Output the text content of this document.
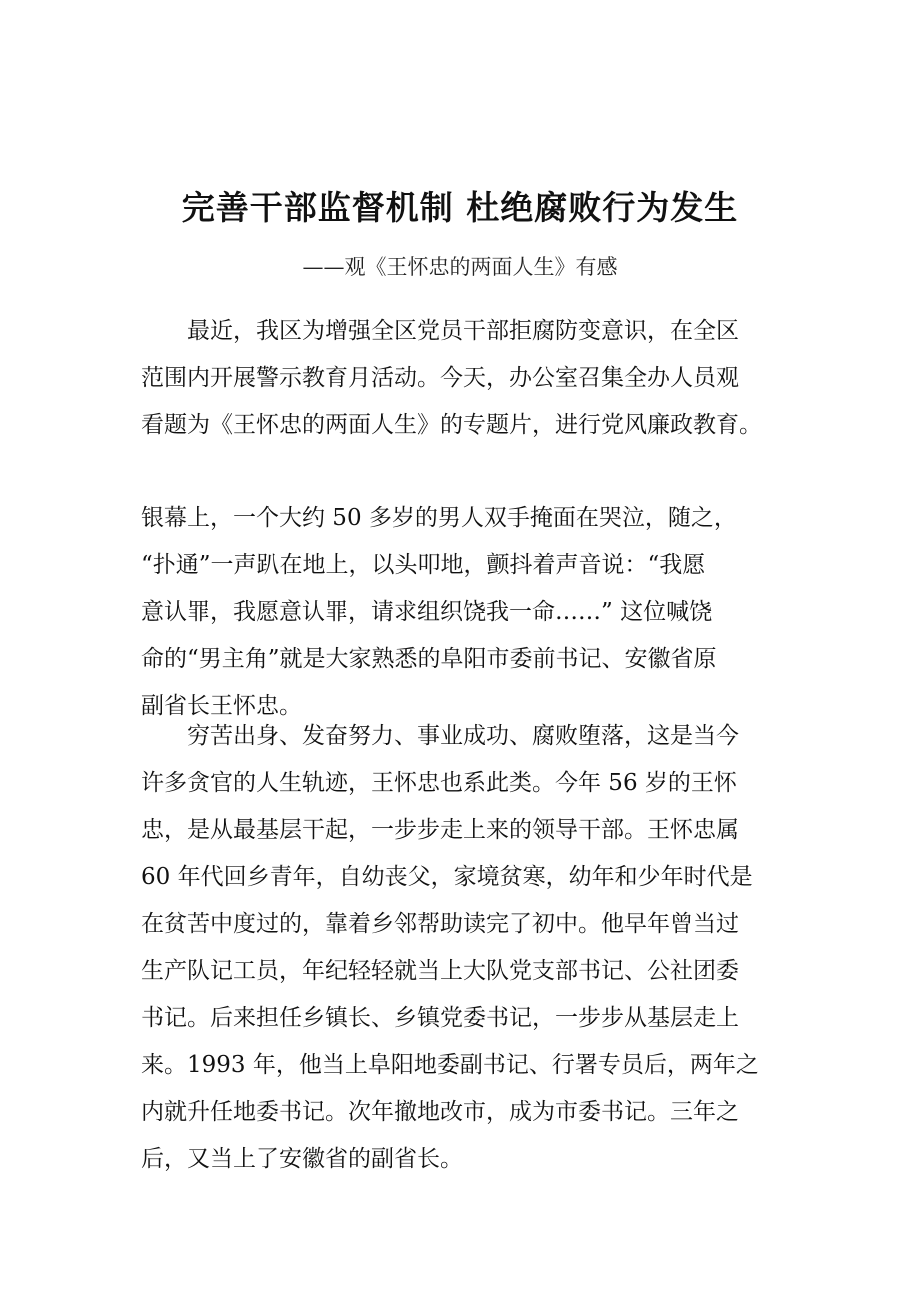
完善干部监督机制 杜绝腐败行为发生
——观《王怀忠的两面人生》有感
　　最近，我区为增强全区党员干部拒腐防变意识，在全区
范围内开展警示教育月活动。今天，办公室召集全办人员观
看题为《王怀忠的两面人生》的专题片，进行党风廉政教育。
银幕上，一个大约 50 多岁的男人双手掩面在哭泣，随之，
“扑通”一声趴在地上，以头叩地，颤抖着声音说：“我愿
意认罪，我愿意认罪，请求组织饶我一命……” 这位喊饶
命的“男主角”就是大家熟悉的阜阳市委前书记、安徽省原
副省长王怀忠。
　　穷苦出身、发奋努力、事业成功、腐败堕落，这是当今
许多贪官的人生轨迹，王怀忠也系此类。今年 56 岁的王怀
忠，是从最基层干起，一步步走上来的领导干部。王怀忠属
60 年代回乡青年，自幼丧父，家境贫寒，幼年和少年时代是
在贫苦中度过的，靠着乡邻帮助读完了初中。他早年曾当过
生产队记工员，年纪轻轻就当上大队党支部书记、公社团委
书记。后来担任乡镇长、乡镇党委书记，一步步从基层走上
来。1993 年，他当上阜阳地委副书记、行署专员后，两年之
内就升任地委书记。次年撤地改市，成为市委书记。三年之
后，又当上了安徽省的副省长。
